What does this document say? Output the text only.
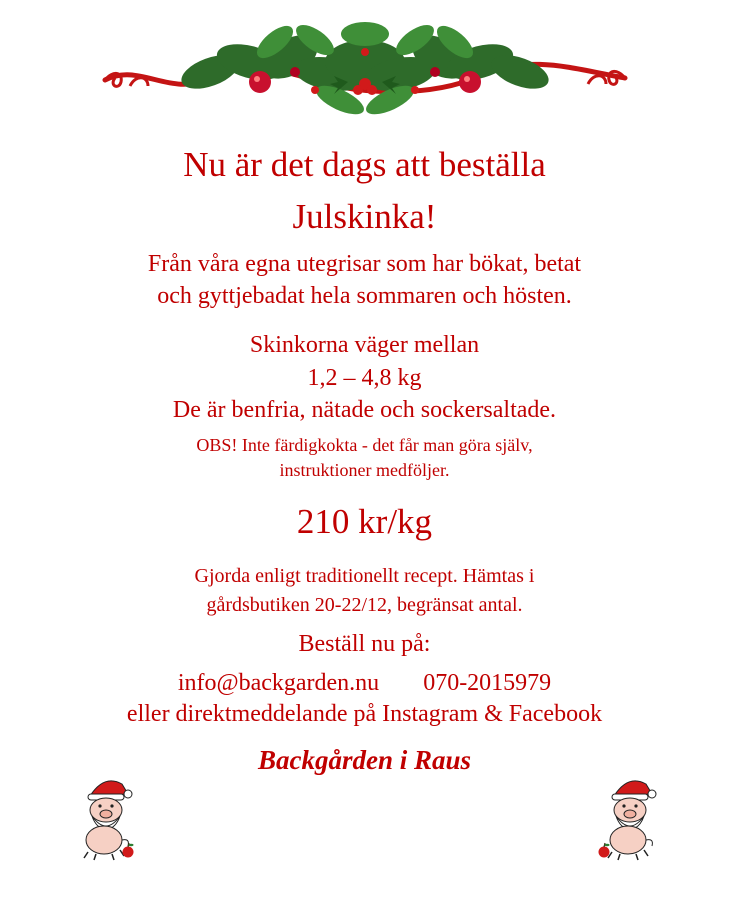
Nu är det dags att beställa
Julskinka!
Från våra egna utegrisar som har bökat, betat
och gyttjebadat hela sommaren och hösten.
Skinkorna väger mellan
1,2 – 4,8 kg
De är benfria, nätade och sockersaltade.
OBS! Inte färdigkokta - det får man göra själv,
instruktioner medföljer.
210 kr/kg
Gjorda enligt traditionellt recept. Hämtas i
gårdsbutiken 20-22/12, begränsat antal.
Beställ nu på:
info@backgarden.nu 070-2015979
eller direktmeddelande på Instagram & Facebook
Backgården i Raus
